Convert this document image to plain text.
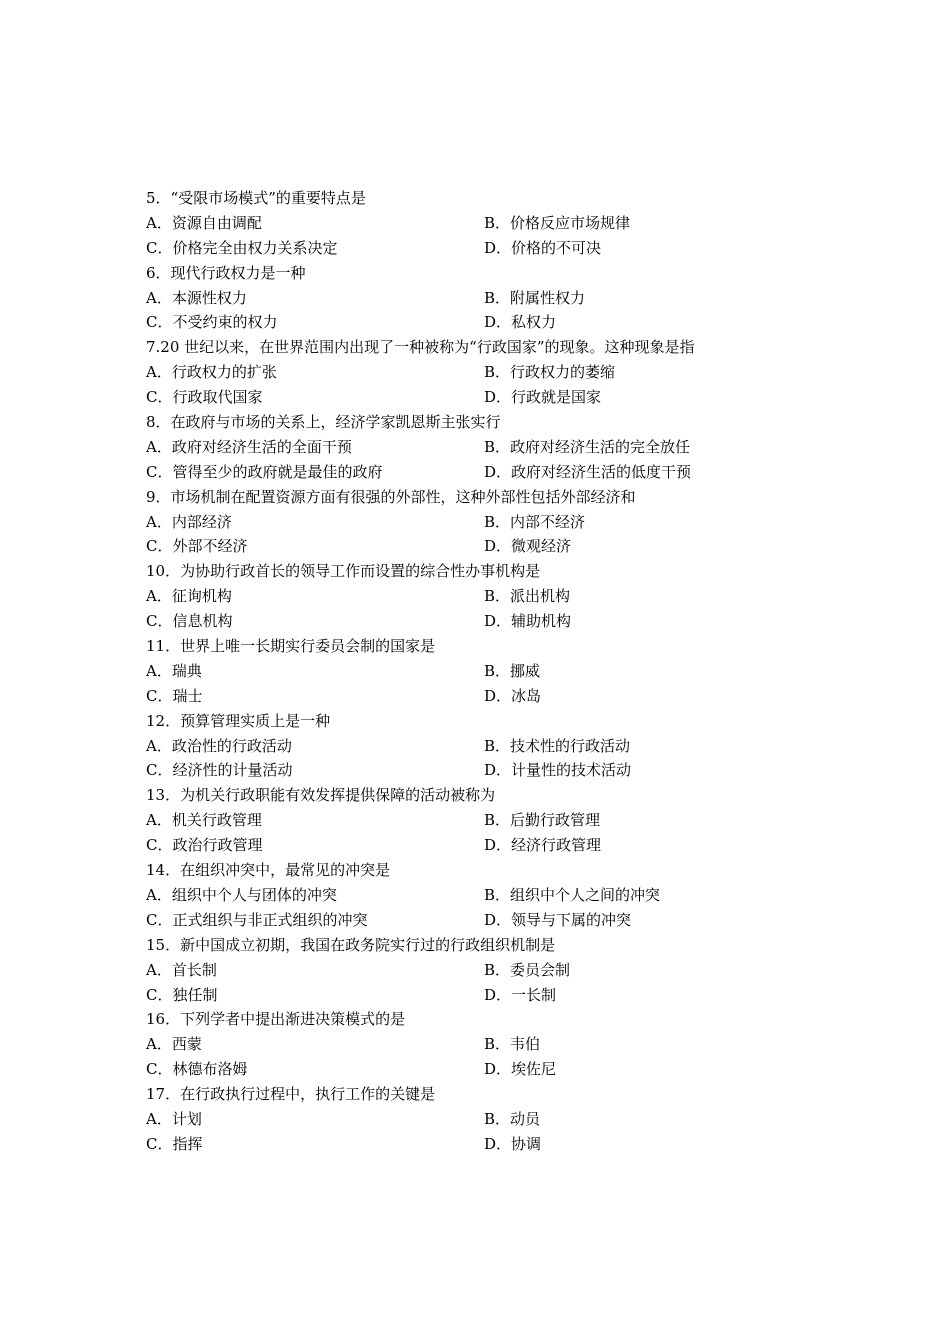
5．“受限市场模式”的重要特点是
A．资源自由调配	B．价格反应市场规律
C．价格完全由权力关系决定	D．价格的不可决
6．现代行政权力是一种
A．本源性权力	B．附属性权力
C．不受约束的权力	D．私权力
7.20 世纪以来，在世界范围内出现了一种被称为“行政国家”的现象。这种现象是指
A．行政权力的扩张	B．行政权力的萎缩
C．行政取代国家	D．行政就是国家
8．在政府与市场的关系上，经济学家凯恩斯主张实行
A．政府对经济生活的全面干预	B．政府对经济生活的完全放任
C．管得至少的政府就是最佳的政府	D．政府对经济生活的低度干预
9．市场机制在配置资源方面有很强的外部性，这种外部性包括外部经济和
A．内部经济	B．内部不经济
C．外部不经济	D．微观经济
10．为协助行政首长的领导工作而设置的综合性办事机构是
A．征询机构	B．派出机构
C．信息机构	D．辅助机构
11．世界上唯一长期实行委员会制的国家是
A．瑞典	B．挪威
C．瑞士	D．冰岛
12．预算管理实质上是一种
A．政治性的行政活动	B．技术性的行政活动
C．经济性的计量活动	D．计量性的技术活动
13．为机关行政职能有效发挥提供保障的活动被称为
A．机关行政管理	B．后勤行政管理
C．政治行政管理	D．经济行政管理
14．在组织冲突中，最常见的冲突是
A．组织中个人与团体的冲突	B．组织中个人之间的冲突
C．正式组织与非正式组织的冲突	D．领导与下属的冲突
15．新中国成立初期，我国在政务院实行过的行政组织机制是
A．首长制	B．委员会制
C．独任制	D．一长制
16．下列学者中提出渐进决策模式的是
A．西蒙	B．韦伯
C．林德布洛姆	D．埃佐尼
17．在行政执行过程中，执行工作的关键是
A．计划	B．动员
C．指挥	D．协调
